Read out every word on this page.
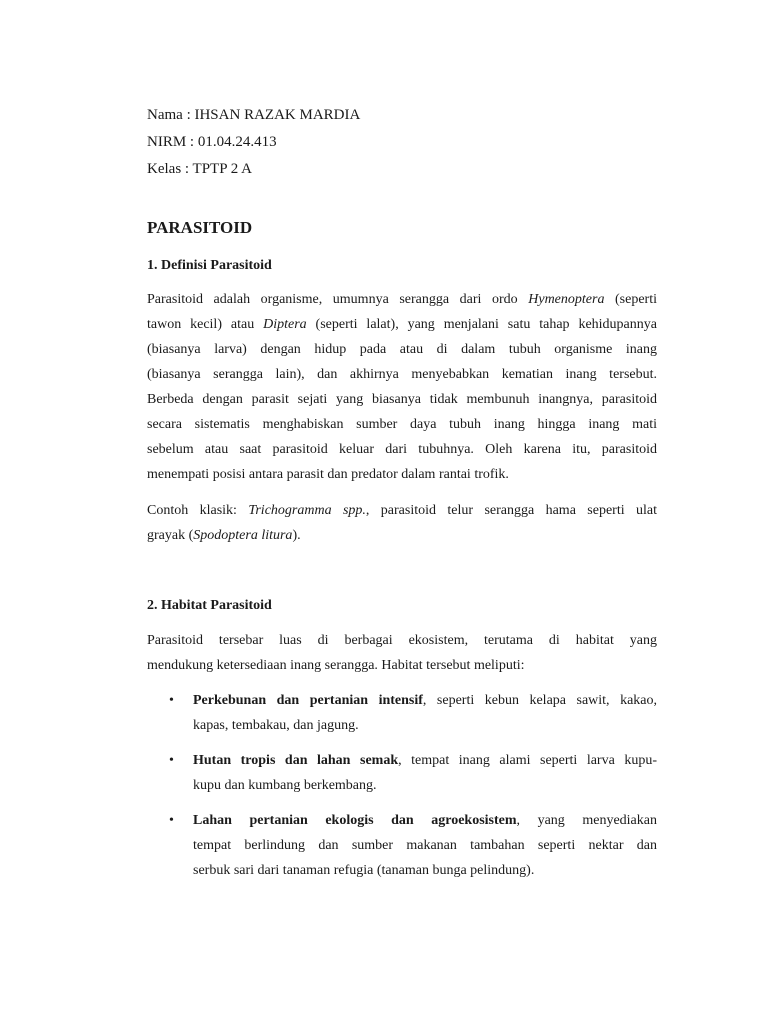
Nama : IHSAN RAZAK MARDIA
NIRM : 01.04.24.413
Kelas : TPTP 2 A
PARASITOID
1. Definisi Parasitoid

Parasitoid adalah organisme, umumnya serangga dari ordo Hymenoptera (seperti
tawon kecil) atau Diptera (seperti lalat), yang menjalani satu tahap kehidupannya
(biasanya larva) dengan hidup pada atau di dalam tubuh organisme inang
(biasanya serangga lain), dan akhirnya menyebabkan kematian inang tersebut.
Berbeda dengan parasit sejati yang biasanya tidak membunuh inangnya, parasitoid
secara sistematis menghabiskan sumber daya tubuh inang hingga inang mati
sebelum atau saat parasitoid keluar dari tubuhnya. Oleh karena itu, parasitoid
menempati posisi antara parasit dan predator dalam rantai trofik.

Contoh klasik: Trichogramma spp., parasitoid telur serangga hama seperti ulat
grayak (Spodoptera litura).

2. Habitat Parasitoid

Parasitoid tersebar luas di berbagai ekosistem, terutama di habitat yang
mendukung ketersediaan inang serangga. Habitat tersebut meliputi:

• Perkebunan dan pertanian intensif, seperti kebun kelapa sawit, kakao,
kapas, tembakau, dan jagung.
• Hutan tropis dan lahan semak, tempat inang alami seperti larva kupu-
kupu dan kumbang berkembang.
• Lahan pertanian ekologis dan agroekosistem, yang menyediakan
tempat berlindung dan sumber makanan tambahan seperti nektar dan
serbuk sari dari tanaman refugia (tanaman bunga pelindung).
